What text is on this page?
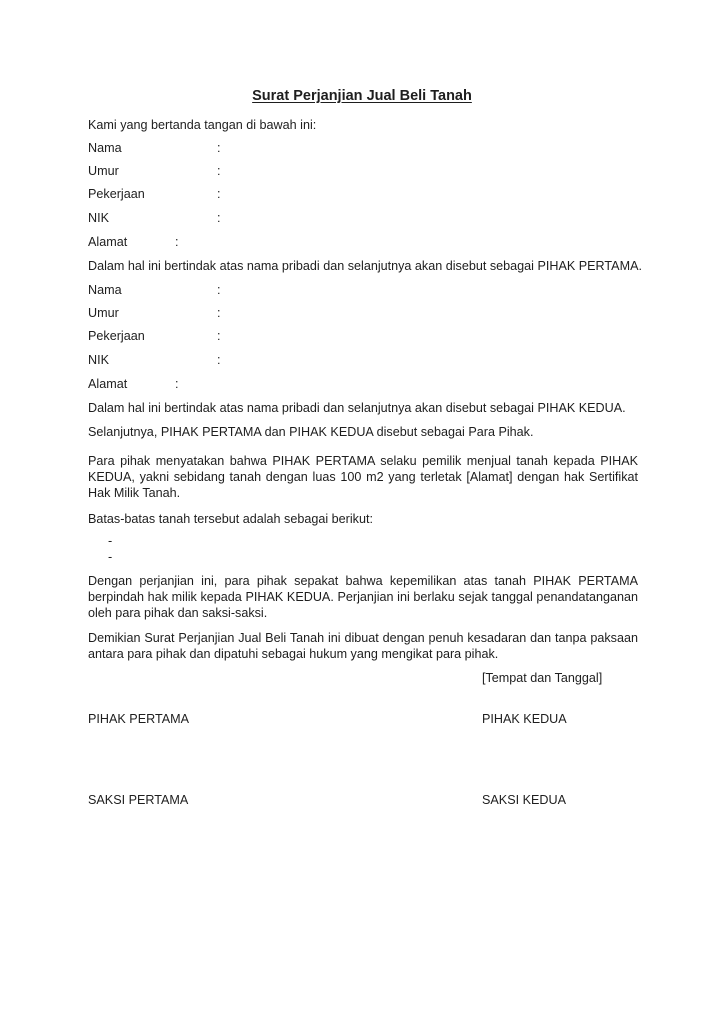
Surat Perjanjian Jual Beli Tanah
Kami yang bertanda tangan di bawah ini:
Nama	:
Umur	:
Pekerjaan	:
NIK	:
Alamat	:
Dalam hal ini bertindak atas nama pribadi dan selanjutnya akan disebut sebagai PIHAK PERTAMA.
Nama	:
Umur	:
Pekerjaan	:
NIK	:
Alamat	:
Dalam hal ini bertindak atas nama pribadi dan selanjutnya akan disebut sebagai PIHAK KEDUA.
Selanjutnya, PIHAK PERTAMA dan PIHAK KEDUA disebut sebagai Para Pihak.
Para pihak menyatakan bahwa PIHAK PERTAMA selaku pemilik menjual tanah kepada PIHAK KEDUA, yakni sebidang tanah dengan luas 100 m2 yang terletak [Alamat] dengan hak Sertifikat Hak Milik Tanah.
Batas-batas tanah tersebut adalah sebagai berikut:
-
-
Dengan perjanjian ini, para pihak sepakat bahwa kepemilikan atas tanah PIHAK PERTAMA berpindah hak milik kepada PIHAK KEDUA. Perjanjian ini berlaku sejak tanggal penandatanganan oleh para pihak dan saksi-saksi.
Demikian Surat Perjanjian Jual Beli Tanah ini dibuat dengan penuh kesadaran dan tanpa paksaan antara para pihak dan dipatuhi sebagai hukum yang mengikat para pihak.
[Tempat dan Tanggal]
PIHAK PERTAMA	PIHAK KEDUA
SAKSI PERTAMA	SAKSI KEDUA
